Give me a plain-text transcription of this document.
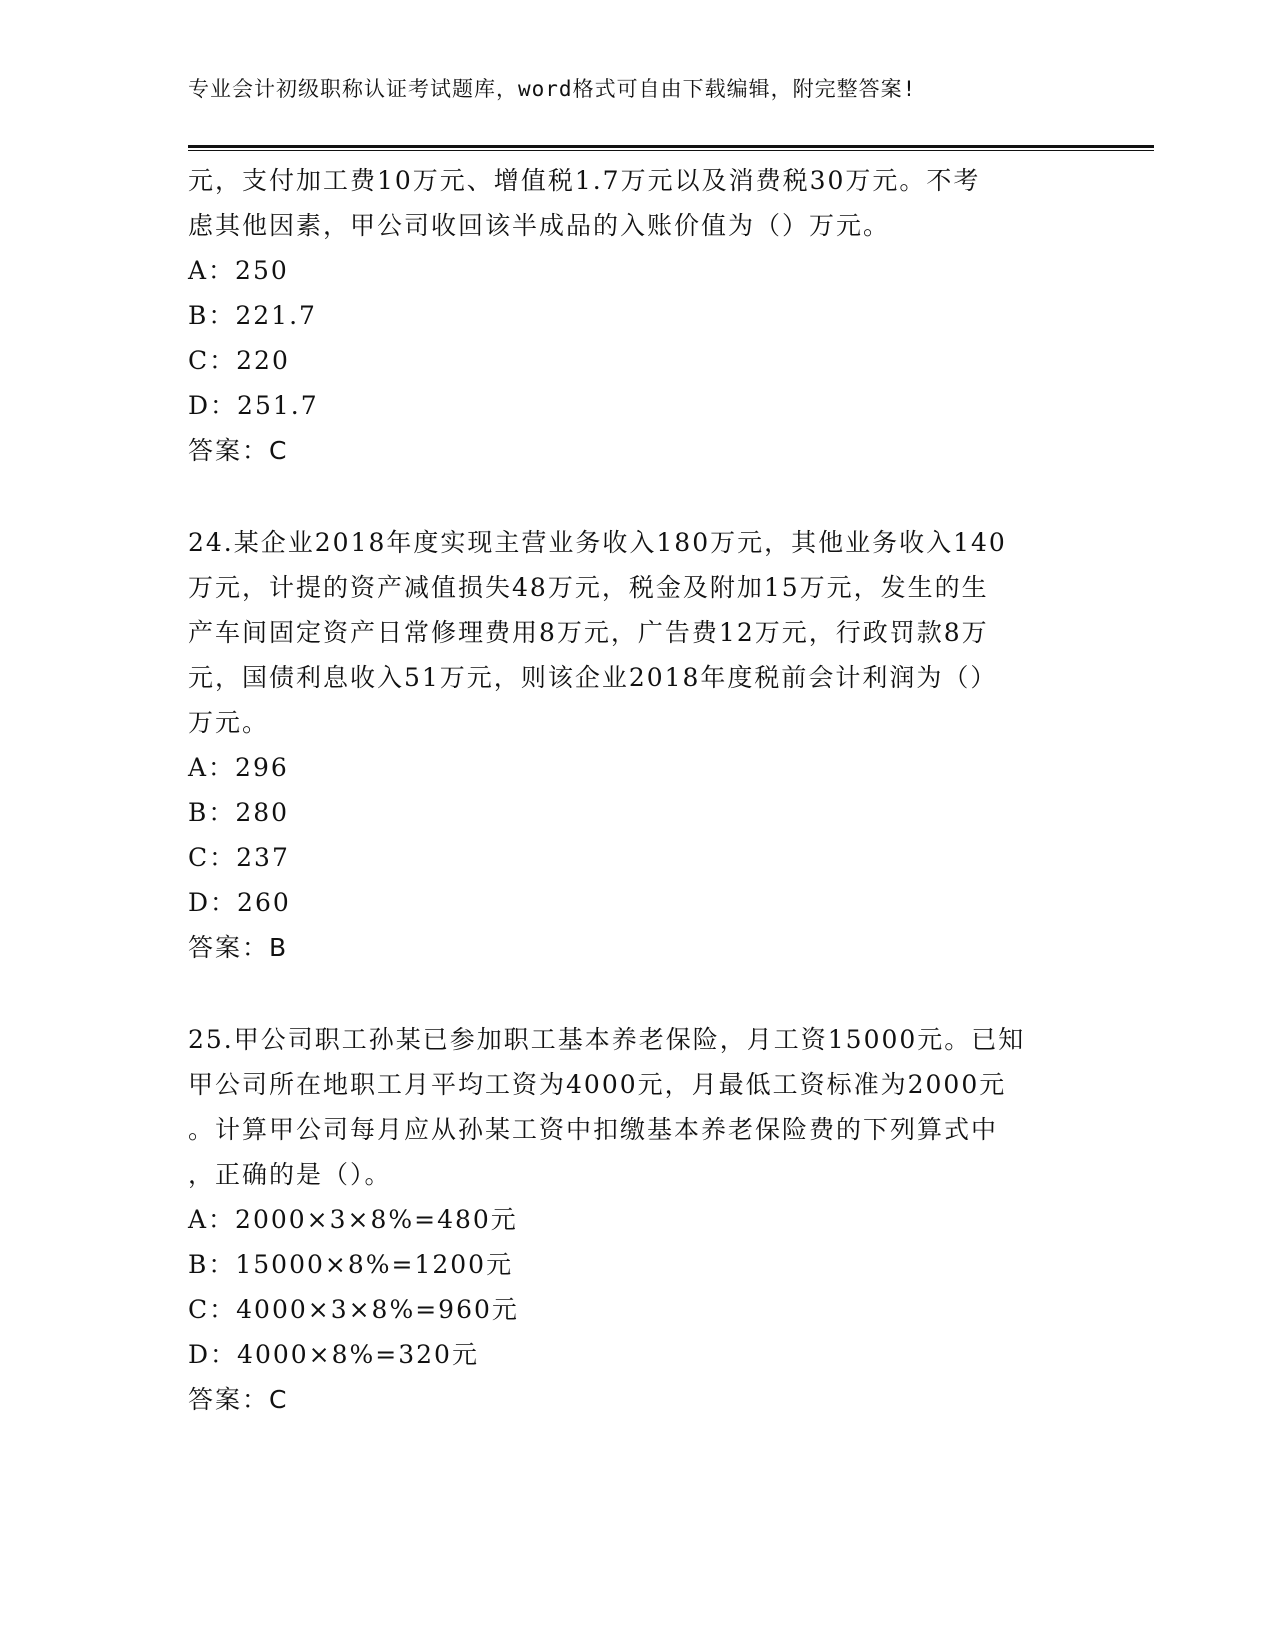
专业会计初级职称认证考试题库，word格式可自由下载编辑，附完整答案!

元，支付加工费10万元、增值税1.7万元以及消费税30万元。不考
虑其他因素，甲公司收回该半成品的入账价值为（）万元。

A：250

B：221.7

C：220

D：251.7

答案：C

24.某企业2018年度实现主营业务收入180万元，其他业务收入140
万元，计提的资产减值损失48万元，税金及附加15万元，发生的生
产车间固定资产日常修理费用8万元，广告费12万元，行政罚款8万
元，国债利息收入51万元，则该企业2018年度税前会计利润为（）
万元。

A：296

B：280

C：237

D：260

答案：B

25.甲公司职工孙某已参加职工基本养老保险，月工资15000元。已知
甲公司所在地职工月平均工资为4000元，月最低工资标准为2000元
。计算甲公司每月应从孙某工资中扣缴基本养老保险费的下列算式中
，正确的是（）。

A：2000×3×8%=480元

B：15000×8%=1200元

C：4000×3×8%=960元

D：4000×8%=320元

答案：C
